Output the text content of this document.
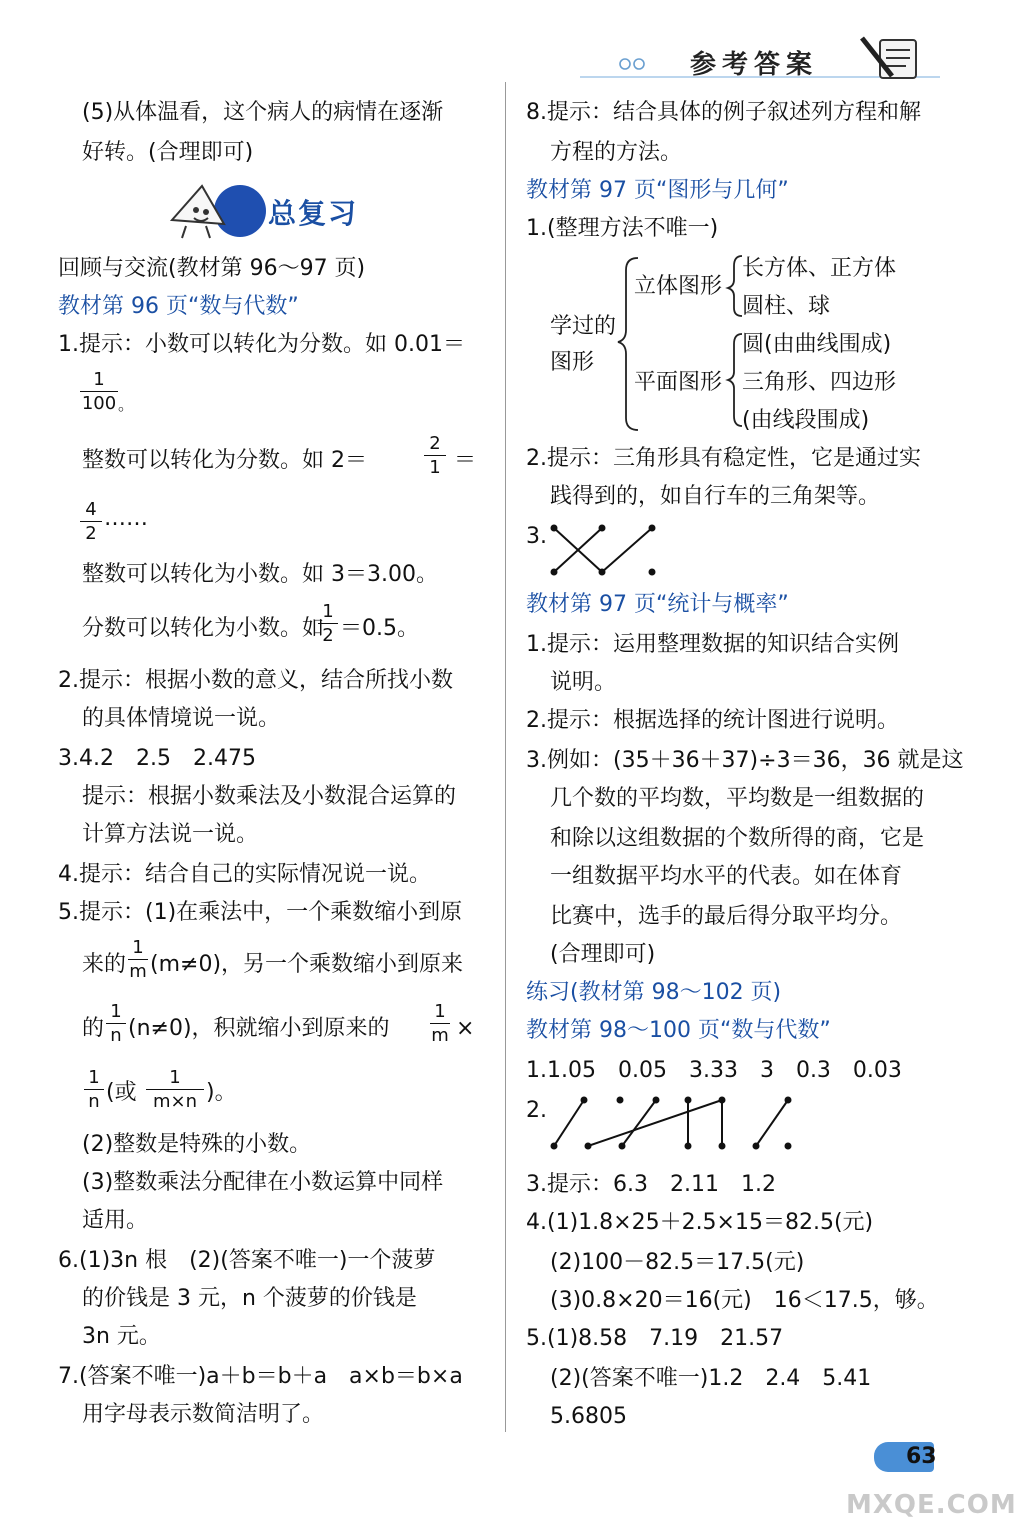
参考答案
(5)从体温看，这个病人的病情在逐渐
好转。(合理即可)
总复习
回顾与交流(教材第 96～97 页)
教材第 96 页“数与代数”
1.提示：小数可以转化为分数。如 0.01＝
1
100 。
整数可以转化为分数。如 2＝
2
1 ＝
4
2
……
整数可以转化为小数。如 3＝3.00。
分数可以转化为小数。如
1
2 ＝0.5。
2.提示：根据小数的意义，结合所找小数
的具体情境说一说。
3.4.2　2.5　2.475
提示：根据小数乘法及小数混合运算的
计算方法说一说。
4.提示：结合自己的实际情况说一说。
5.提示：(1)在乘法中，一个乘数缩小到原
来的
1
m (m≠0)，另一个乘数缩小到原来
的
1
n (n≠0)，积就缩小到原来的
1
m ×
1
n (或
1
m×n )。
(2)整数是特殊的小数。
(3)整数乘法分配律在小数运算中同样
适用。
6.(1)3n 根　(2)(答案不唯一)一个菠萝
的价钱是 3 元，n 个菠萝的价钱是
3n 元。
7.(答案不唯一)a＋b＝b＋a　a×b＝b×a
用字母表示数简洁明了。
8.提示：结合具体的例子叙述列方程和解
方程的方法。
教材第 97 页“图形与几何”
1.(整理方法不唯一)
学过的
图形
立体图形
长方体、正方体
圆柱、球
平面图形
圆(由曲线围成)
三角形、四边形
(由线段围成)
2.提示：三角形具有稳定性，它是通过实
践得到的，如自行车的三角架等。
3.
教材第 97 页“统计与概率”
1.提示：运用整理数据的知识结合实例
说明。
2.提示：根据选择的统计图进行说明。
3.例如：(35＋36＋37)÷3＝36，36 就是这
几个数的平均数，平均数是一组数据的
和除以这组数据的个数所得的商，它是
一组数据平均水平的代表。如在体育
比赛中，选手的最后得分取平均分。
(合理即可)
练习(教材第 98～102 页)
教材第 98～100 页“数与代数”
1.1.05　0.05　3.33　3　0.3　0.03
2.
3.提示：6.3　2.11　1.2
4.(1)1.8×25＋2.5×15＝82.5(元)
(2)100－82.5＝17.5(元)
(3)0.8×20＝16(元)　16＜17.5，够。
5.(1)8.58　7.19　21.57
(2)(答案不唯一)1.2　2.4　5.41
5.6805
63
MXQE.COM
